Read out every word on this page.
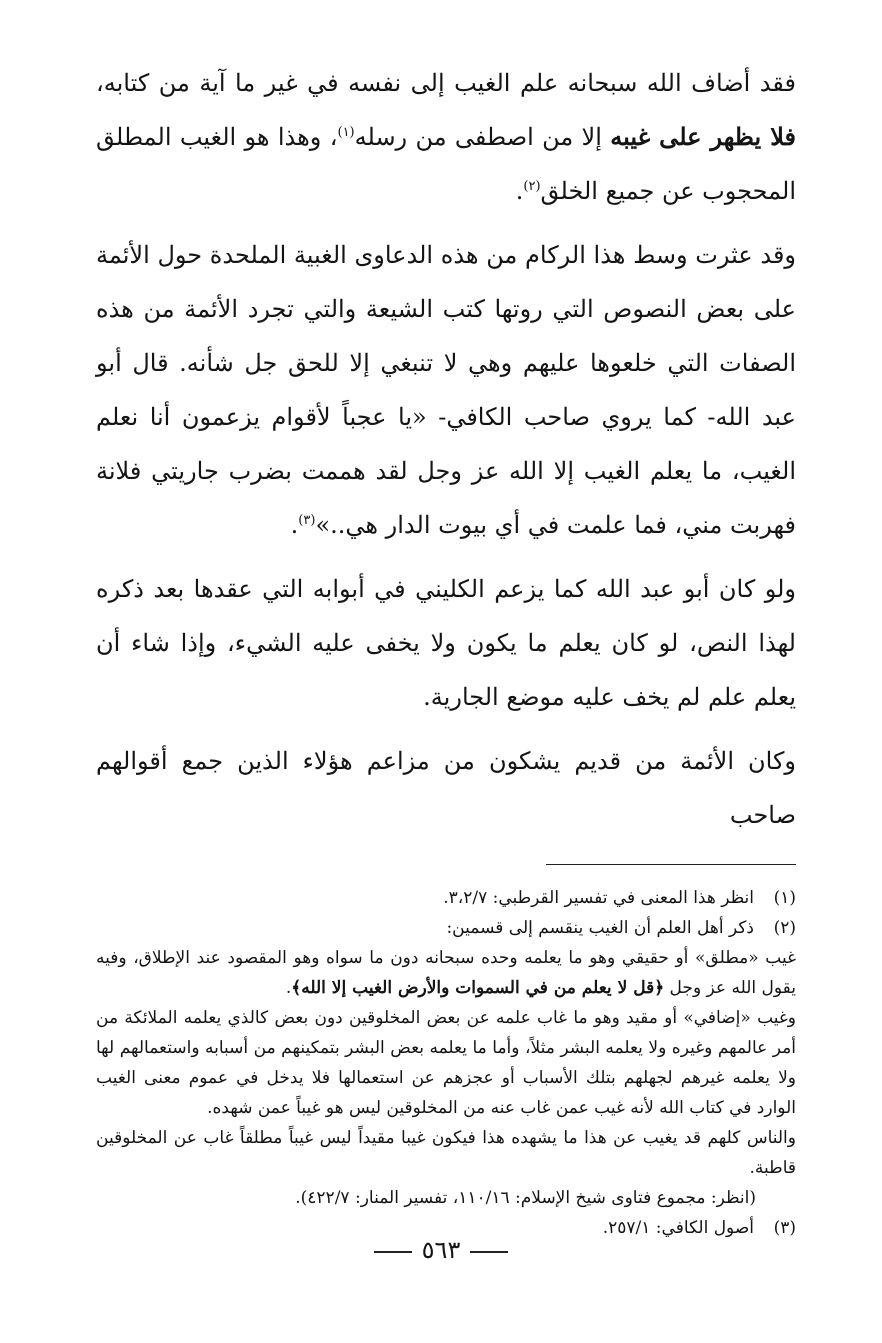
فقد أضاف الله سبحانه علم الغيب إلى نفسه في غير ما آية من كتابه، فلا يظهر على غيبه إلا من اصطفى من رسله$^{(١)}$، وهذا هو الغيب المطلق المحجوب عن جميع الخلق$^{(٢)}$.

وقد عثرت وسط هذا الركام من هذه الدعاوى الغبية الملحدة حول الأئمة على بعض النصوص التي روتها كتب الشيعة والتي تجرد الأئمة من هذه الصفات التي خلعوها عليهم وهي لا تنبغي إلا للحق جل شأنه. قال أبو عبد الله- كما يروي صاحب الكافي- «يا عجباً لأقوام يزعمون أنا نعلم الغيب، ما يعلم الغيب إلا الله عز وجل لقد هممت بضرب جاريتي فلانة فهربت مني، فما علمت في أي بيوت الدار هي..»$^{(٣)}$.

ولو كان أبو عبد الله كما يزعم الكليني في أبوابه التي عقدها بعد ذكره لهذا النص، لو كان يعلم ما يكون ولا يخفى عليه الشيء، وإذا شاء أن يعلم علم لم يخف عليه موضع الجارية.

وكان الأئمة من قديم يشكون من مزاعم هؤلاء الذين جمع أقوالهم صاحب

(١)
انظر هذا المعنى في تفسير القرطبي: ٣،٢/٧.
(٢)
ذكر أهل العلم أن الغيب ينقسم إلى قسمين:

غيب «مطلق» أو حقيقي وهو ما يعلمه وحده سبحانه دون ما سواه وهو المقصود عند الإطلاق، وفيه يقول الله عز وجل ﴿قل لا يعلم من في السموات والأرض الغيب إلا الله﴾.

وغيب «إضافي» أو مقيد وهو ما غاب علمه عن بعض المخلوقين دون بعض كالذي يعلمه الملائكة من أمر عالمهم وغيره ولا يعلمه البشر مثلاً، وأما ما يعلمه بعض البشر بتمكينهم من أسبابه واستعمالهم لها ولا يعلمه غيرهم لجهلهم بتلك الأسباب أو عجزهم عن استعمالها فلا يدخل في عموم معنى الغيب الوارد في كتاب الله لأنه غيب عمن غاب عنه من المخلوقين ليس هو غيباً عمن شهده.

والناس كلهم قد يغيب عن هذا ما يشهده هذا فيكون غيبا مقيداً ليس غيباً مطلقاً غاب عن المخلوقين قاطبة.

(انظر: مجموع فتاوى شيخ الإسلام: ١١٠/١٦، تفسير المنار: ٤٢٢/٧).

(٣)
أصول الكافي: ٢٥٧/١.
٥٦٣
